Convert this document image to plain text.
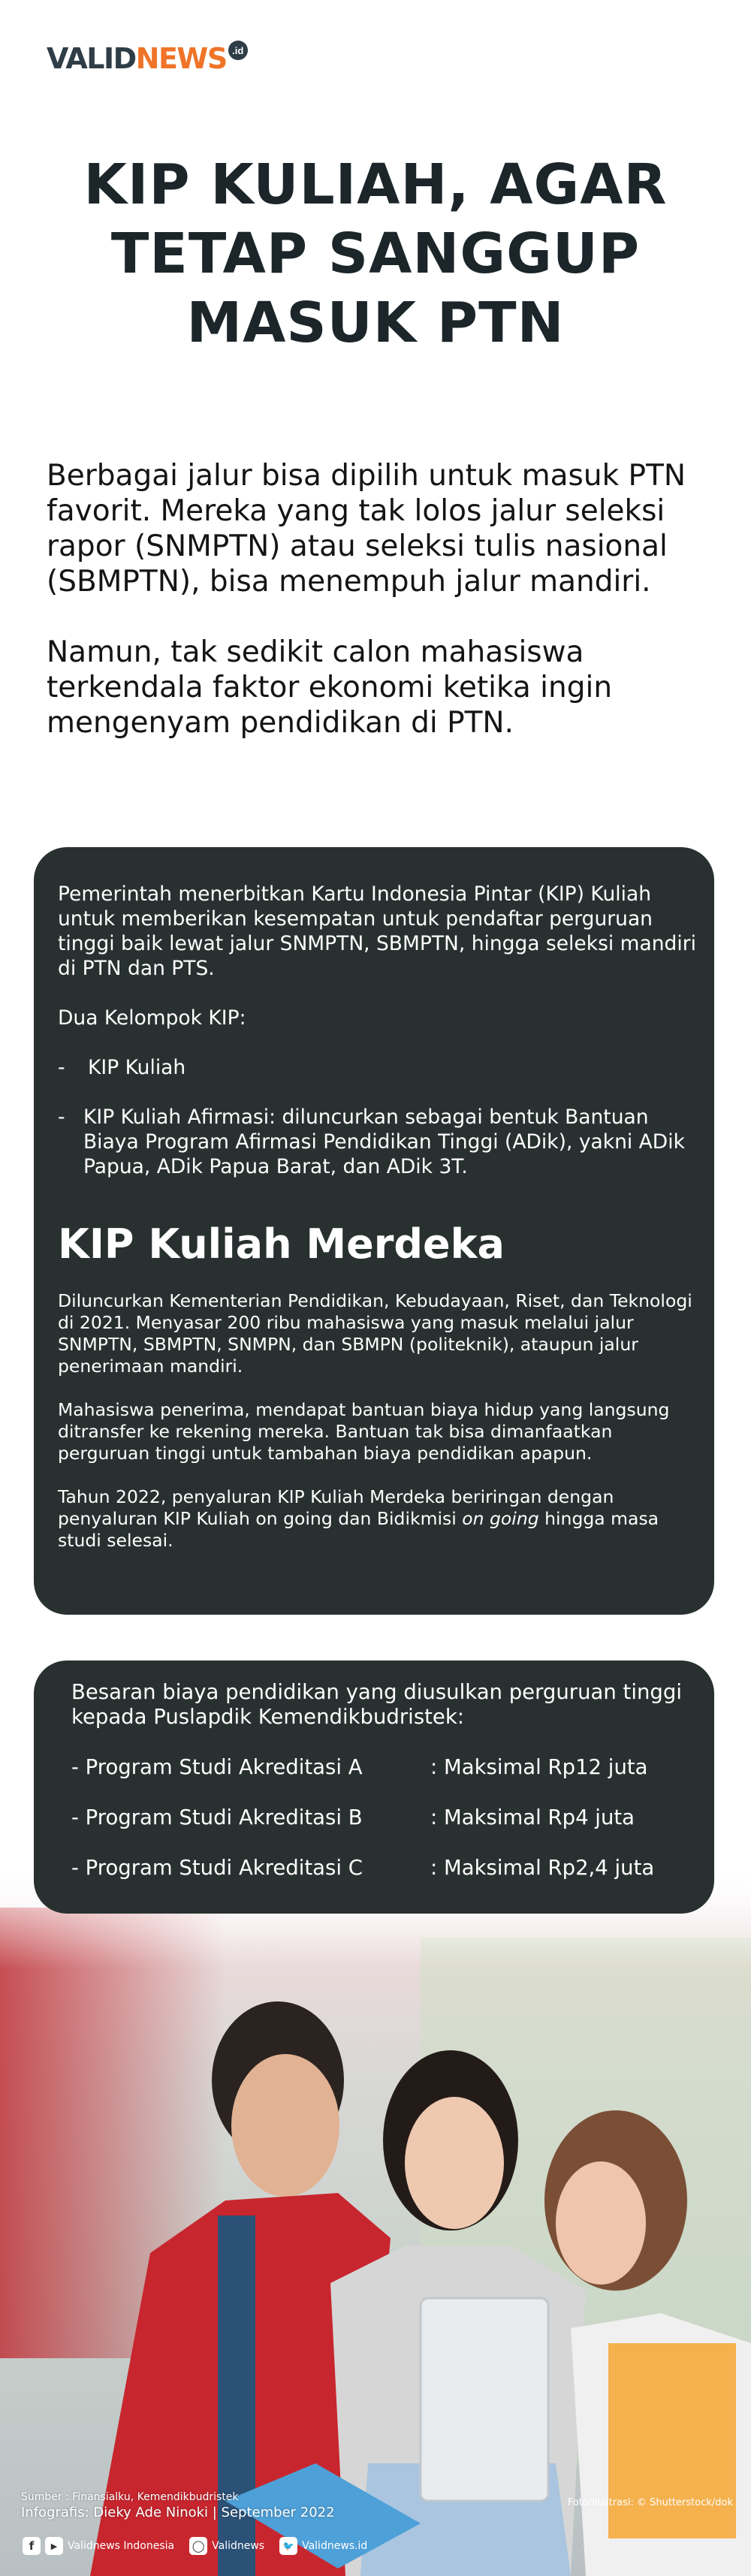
VALID NEWS .id
KIP KULIAH, AGAR
TETAP SANGGUP
MASUK PTN

Berbagai jalur bisa dipilih untuk masuk PTN favorit. Mereka yang tak lolos jalur seleksi rapor (SNMPTN) atau seleksi tulis nasional (SBMPTN), bisa menempuh jalur mandiri.

Namun, tak sedikit calon mahasiswa terkendala faktor ekonomi ketika ingin mengenyam pendidikan di PTN.

Pemerintah menerbitkan Kartu Indonesia Pintar (KIP) Kuliah untuk memberikan kesempatan untuk pendaftar perguruan tinggi baik lewat jalur SNMPTN, SBMPTN, hingga seleksi mandiri di PTN dan PTS.

Dua Kelompok KIP:

-	KIP Kuliah
- KIP Kuliah Afirmasi: diluncurkan sebagai bentuk Bantuan Biaya Program Afirmasi Pendidikan Tinggi (ADik), yakni ADik Papua, ADik Papua Barat, dan ADik 3T.
KIP Kuliah Merdeka

Diluncurkan Kementerian Pendidikan, Kebudayaan, Riset, dan Teknologi di 2021. Menyasar 200 ribu mahasiswa yang masuk melalui jalur SNMPTN, SBMPTN, SNMPN, dan SBMPN (politeknik), ataupun jalur penerimaan mandiri.

Mahasiswa penerima, mendapat bantuan biaya hidup yang langsung ditransfer ke rekening mereka. Bantuan tak bisa dimanfaatkan perguruan tinggi untuk tambahan biaya pendidikan apapun.

Tahun 2022, penyaluran KIP Kuliah Merdeka beriringan dengan penyaluran KIP Kuliah on going dan Bidikmisi on going hingga masa studi selesai.

Besaran biaya pendidikan yang diusulkan perguruan tinggi kepada Puslapdik Kemendikbudristek:
- Program Studi Akreditasi A	: Maksimal Rp12 juta
- Program Studi Akreditasi B	: Maksimal Rp4 juta
- Program Studi Akreditasi C	: Maksimal Rp2,4 juta
Sumber : Finansialku, Kemendikbudristek
Infografis: Dieky Ade Ninoki | September 2022
f	▶ Validnews Indonesia ◯ Validnews	🐦 Validnews.id
Foto/Ilustrasi: © Shutterstock/dok
